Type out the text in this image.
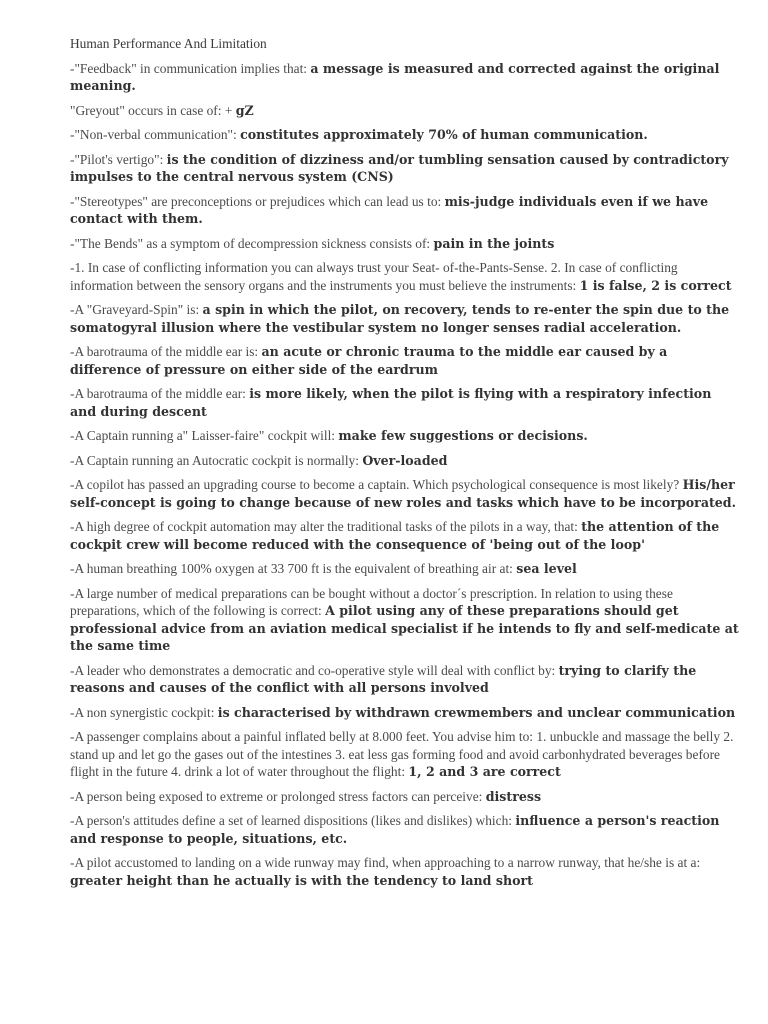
Human Performance And Limitation
-"Feedback" in communication implies that: a message is measured and corrected against the original meaning.
"Greyout" occurs in case of: + gZ
-"Non-verbal communication": constitutes approximately 70% of human communication.
-"Pilot's vertigo": is the condition of dizziness and/or tumbling sensation caused by contradictory impulses to the central nervous system (CNS)
-"Stereotypes" are preconceptions or prejudices which can lead us to: mis-judge individuals even if we have contact with them.
-"The Bends" as a symptom of decompression sickness consists of: pain in the joints
-1. In case of conflicting information you can always trust your Seat- of-the-Pants-Sense. 2. In case of conflicting information between the sensory organs and the instruments you must believe the instruments: 1 is false, 2 is correct
-A "Graveyard-Spin" is: a spin in which the pilot, on recovery, tends to re-enter the spin due to the somatogyral illusion where the vestibular system no longer senses radial acceleration.
-A barotrauma of the middle ear is: an acute or chronic trauma to the middle ear caused by a difference of pressure on either side of the eardrum
-A barotrauma of the middle ear: is more likely, when the pilot is flying with a respiratory infection and during descent
-A Captain running a" Laisser-faire" cockpit will: make few suggestions or decisions.
-A Captain running an Autocratic cockpit is normally: Over-loaded
-A copilot has passed an upgrading course to become a captain. Which psychological consequence is most likely? His/her self-concept is going to change because of new roles and tasks which have to be incorporated.
-A high degree of cockpit automation may alter the traditional tasks of the pilots in a way, that: the attention of the cockpit crew will become reduced with the consequence of 'being out of the loop'
-A human breathing 100% oxygen at 33 700 ft is the equivalent of breathing air at: sea level
-A large number of medical preparations can be bought without a doctor´s prescription. In relation to using these preparations, which of the following is correct: A pilot using any of these preparations should get professional advice from an aviation medical specialist if he intends to fly and self-medicate at the same time
-A leader who demonstrates a democratic and co-operative style will deal with conflict by: trying to clarify the reasons and causes of the conflict with all persons involved
-A non synergistic cockpit: is characterised by withdrawn crewmembers and unclear communication
-A passenger complains about a painful inflated belly at 8.000 feet. You advise him to: 1. unbuckle and massage the belly 2. stand up and let go the gases out of the intestines 3. eat less gas forming food and avoid carbonhydrated beverages before flight in the future 4. drink a lot of water throughout the flight: 1, 2 and 3 are correct
-A person being exposed to extreme or prolonged stress factors can perceive: distress
-A person's attitudes define a set of learned dispositions (likes and dislikes) which: influence a person's reaction and response to people, situations, etc.
-A pilot accustomed to landing on a wide runway may find, when approaching to a narrow runway, that he/she is at a: greater height than he actually is with the tendency to land short
